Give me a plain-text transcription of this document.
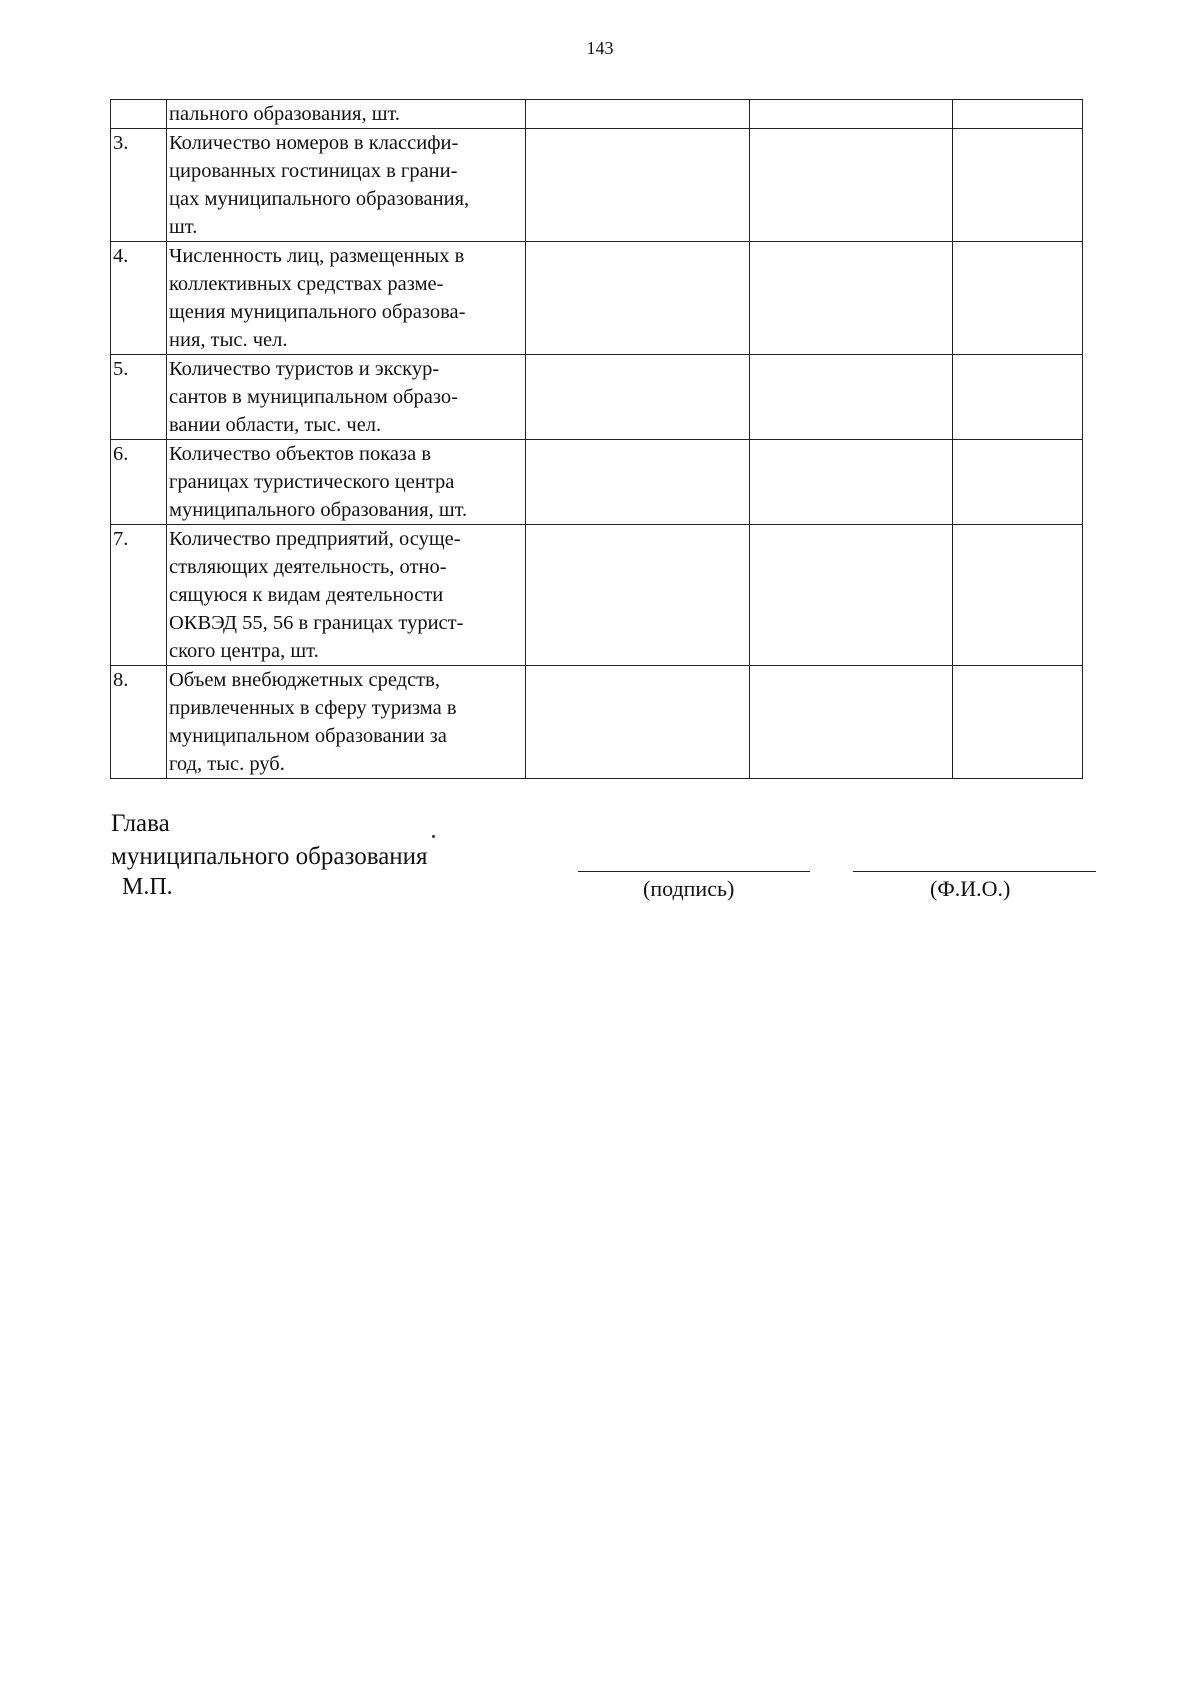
143

	пального образования, шт.			

3.	Количество номеров в классифи-
цированных гостиницах в грани-
цах муниципального образования,
шт.			

4.	Численность лиц, размещенных в
коллективных средствах разме-
щения муниципального образова-
ния, тыс. чел.			

5.	Количество туристов и экскур-
сантов в муниципальном образо-
вании области, тыс. чел.			

6.	Количество объектов показа в
границах туристического центра
муниципального образования, шт.			

7.	Количество предприятий, осуще-
ствляющих деятельность, отно-
сящуюся к видам деятельности
ОКВЭД 55, 56 в границах турист-
ского центра, шт.			

8.	Объем внебюджетных средств,
привлеченных в сферу туризма в
муниципальном образовании за
год, тыс. руб.			

Глава
муниципального образования
М.П.	(подпись)	(Ф.И.О.)
